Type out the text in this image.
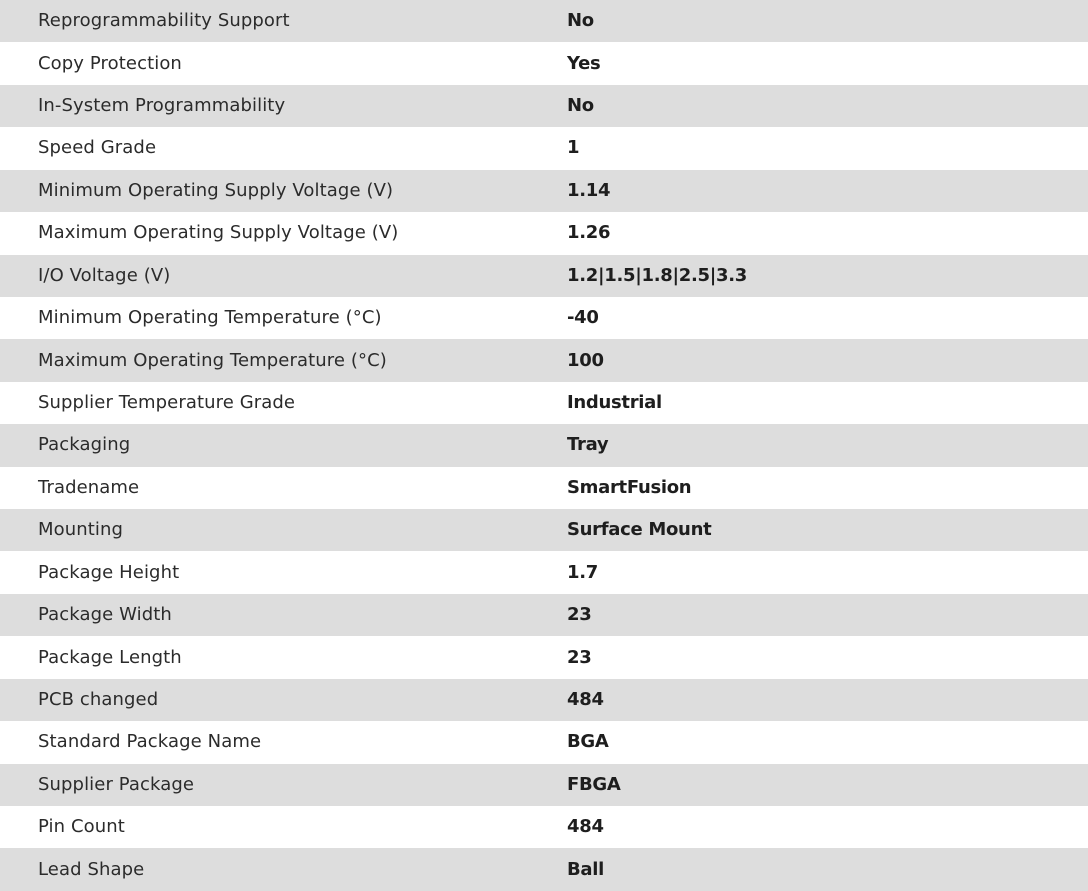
Reprogrammability Support	No
Copy Protection	Yes
In-System Programmability	No
Speed Grade	1
Minimum Operating Supply Voltage (V)	1.14
Maximum Operating Supply Voltage (V)	1.26
I/O Voltage (V)	1.2|1.5|1.8|2.5|3.3
Minimum Operating Temperature (°C)	-40
Maximum Operating Temperature (°C)	100
Supplier Temperature Grade	Industrial
Packaging	Tray
Tradename	SmartFusion
Mounting	Surface Mount
Package Height	1.7
Package Width	23
Package Length	23
PCB changed	484
Standard Package Name	BGA
Supplier Package	FBGA
Pin Count	484
Lead Shape	Ball
